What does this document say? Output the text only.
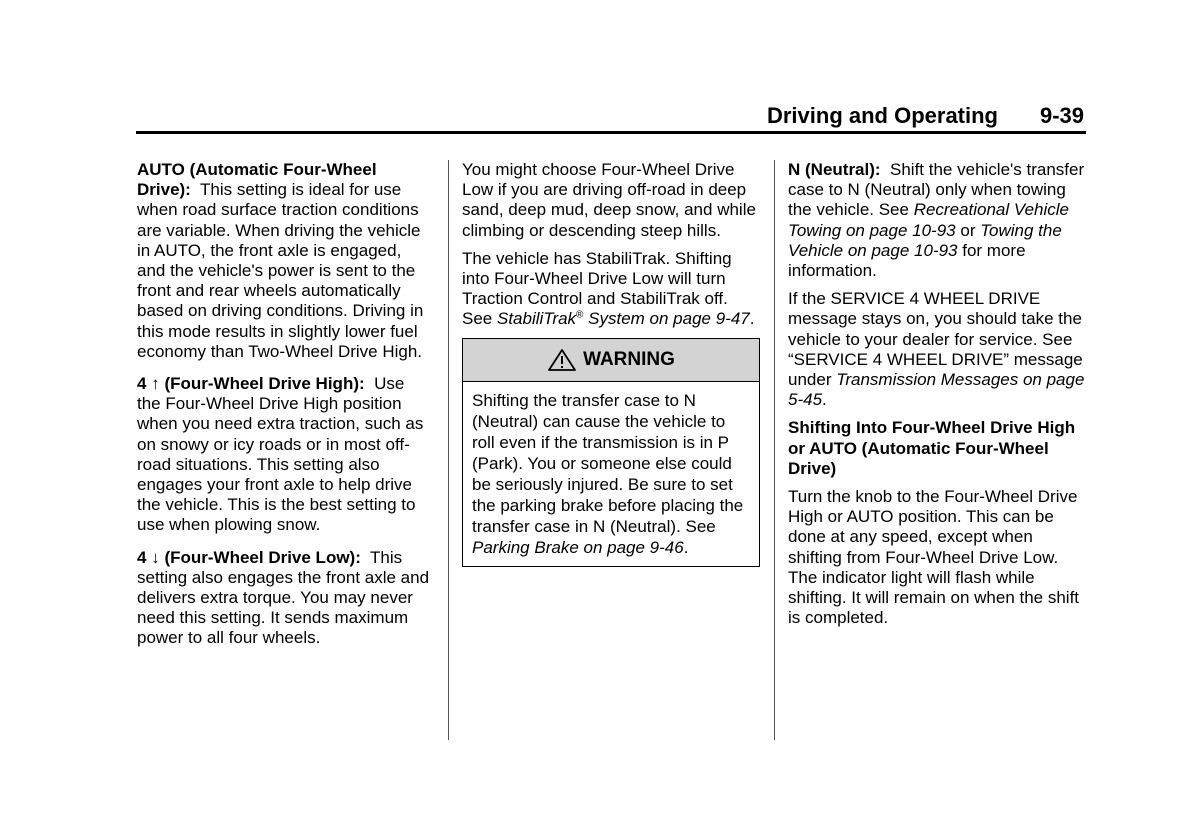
Driving and Operating 9-39

AUTO (Automatic Four-Wheel Drive): This setting is ideal for use when road surface traction conditions are variable. When driving the vehicle in AUTO, the front axle is engaged, and the vehicle's power is sent to the front and rear wheels automatically based on driving conditions. Driving in this mode results in slightly lower fuel economy than Two-Wheel Drive High.

4 ↑ (Four-Wheel Drive High): Use the Four-Wheel Drive High position when you need extra traction, such as on snowy or icy roads or in most off-road situations. This setting also engages your front axle to help drive the vehicle. This is the best setting to use when plowing snow.

4 ↓ (Four-Wheel Drive Low): This setting also engages the front axle and delivers extra torque. You may never need this setting. It sends maximum power to all four wheels.

You might choose Four-Wheel Drive Low if you are driving off-road in deep sand, deep mud, deep snow, and while climbing or descending steep hills.

The vehicle has StabiliTrak. Shifting into Four-Wheel Drive Low will turn Traction Control and StabiliTrak off. See StabiliTrak® System on page 9-47.

WARNING
Shifting the transfer case to N (Neutral) can cause the vehicle to roll even if the transmission is in P (Park). You or someone else could be seriously injured. Be sure to set the parking brake before placing the transfer case in N (Neutral). See Parking Brake on page 9-46.

N (Neutral): Shift the vehicle's transfer case to N (Neutral) only when towing the vehicle. See Recreational Vehicle Towing on page 10-93 or Towing the Vehicle on page 10-93 for more information.

If the SERVICE 4 WHEEL DRIVE message stays on, you should take the vehicle to your dealer for service. See “SERVICE 4 WHEEL DRIVE” message under Transmission Messages on page 5-45.

Shifting Into Four-Wheel Drive High or AUTO (Automatic Four-Wheel Drive)

Turn the knob to the Four-Wheel Drive High or AUTO position. This can be done at any speed, except when shifting from Four-Wheel Drive Low. The indicator light will flash while shifting. It will remain on when the shift is completed.
